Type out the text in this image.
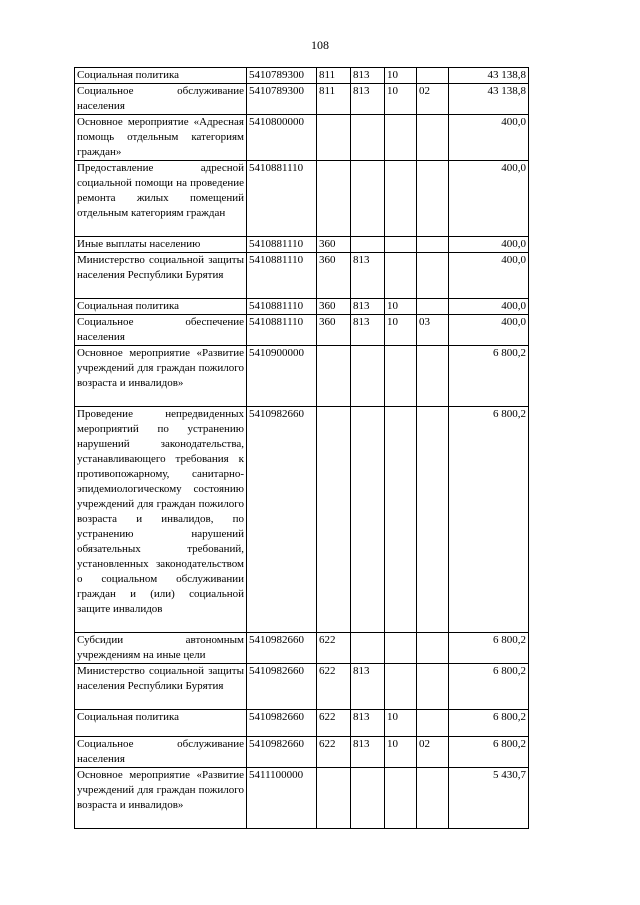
108
Социальная политика	5410789300	811	813	10		43 138,8
Социальное обслуживание населения	5410789300	811	813	10	02	43 138,8
Основное мероприятие «Адресная помощь отдельным категориям граждан»	5410800000					400,0
Предоставление адресной социальной помощи на проведение ремонта жилых помещений отдельным категориям граждан	5410881110					400,0
Иные выплаты населению	5410881110	360				400,0
Министерство социальной защиты населения Республики Бурятия	5410881110	360	813			400,0
Социальная политика	5410881110	360	813	10		400,0
Социальное обеспечение населения	5410881110	360	813	10	03	400,0
Основное мероприятие «Развитие учреждений для граждан пожилого возраста и инвалидов»	5410900000					6 800,2
Проведение непредвиденных мероприятий по устранению нарушений законодательства, устанавливающего требования к противопожарному, санитарно-эпидемиологическому состоянию учреждений для граждан пожилого возраста и инвалидов, по устранению нарушений обязательных требований, установленных законодательством о социальном обслуживании граждан и (или) социальной защите инвалидов	5410982660					6 800,2
Субсидии автономным учреждениям на иные цели	5410982660	622				6 800,2
Министерство социальной защиты населения Республики Бурятия	5410982660	622	813			6 800,2
Социальная политика	5410982660	622	813	10		6 800,2
Социальное обслуживание населения	5410982660	622	813	10	02	6 800,2
Основное мероприятие «Развитие учреждений для граждан пожилого возраста и инвалидов»	5411100000					5 430,7
